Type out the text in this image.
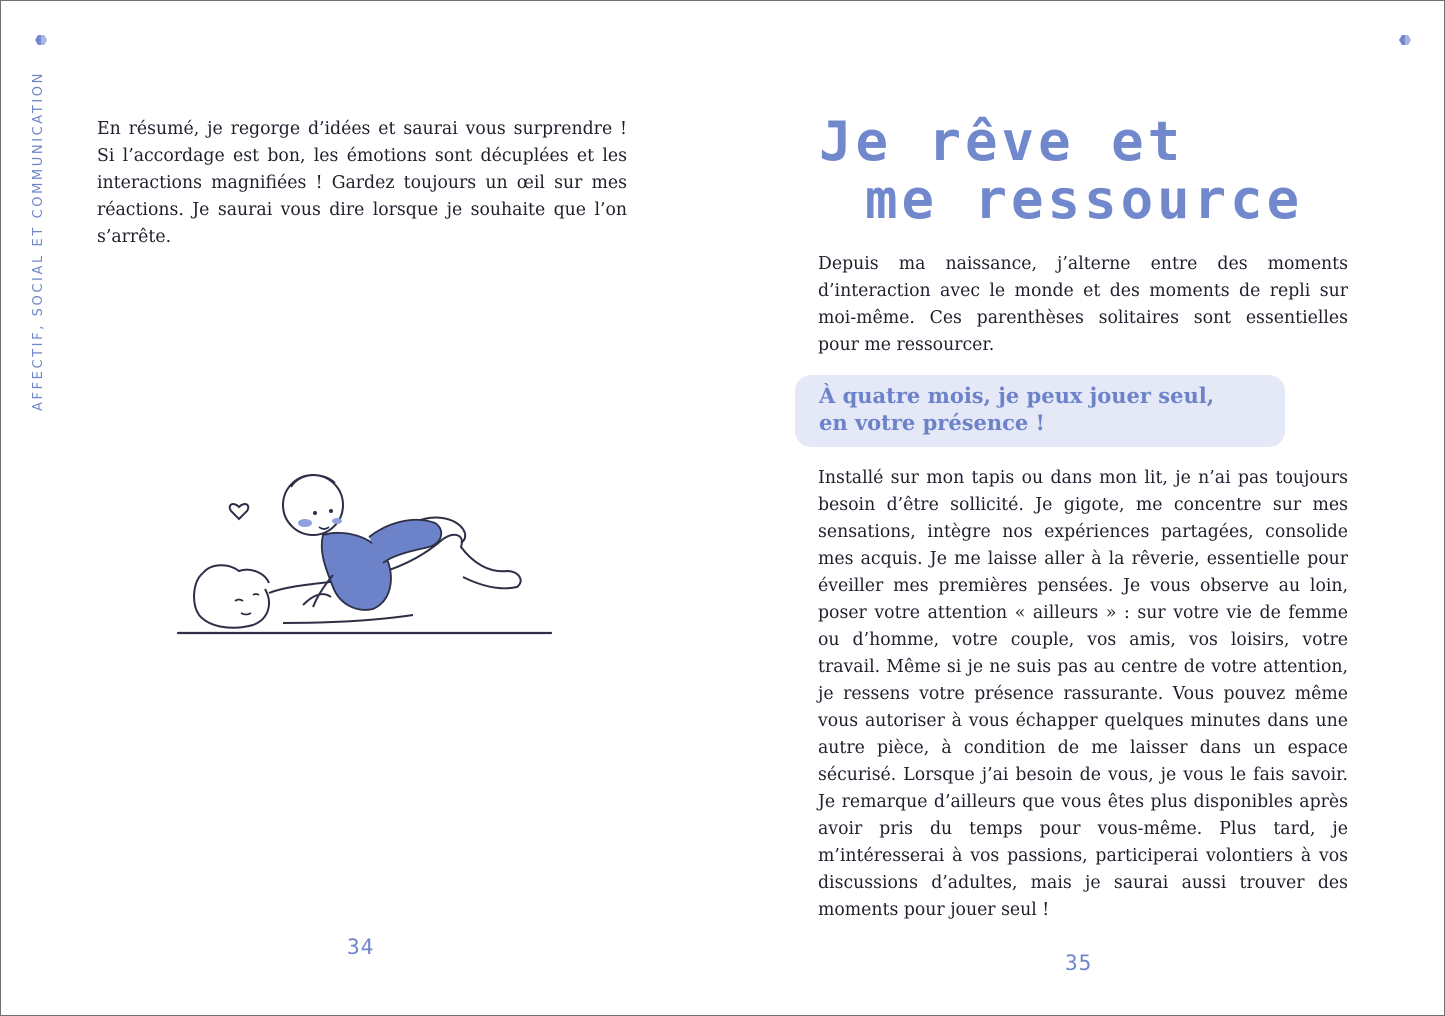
AFFECTIF, SOCIAL ET COMMUNICATION	En résumé, je regorge d’idées et saurai vous surprendre ! Si l’accordage est bon, les émotions sont décuplées et les interactions magnifiées ! Gardez toujours un œil sur mes réactions. Je saurai vous dire lorsque je souhaite que l’on s’arrête.

34
Je rêve et
me ressource

Depuis ma naissance, j’alterne entre des moments d’interaction avec le monde et des moments de repli sur moi-même. Ces parenthèses solitaires sont essentielles pour me ressourcer.

À quatre mois, je peux jouer seul,
en votre présence !

Installé sur mon tapis ou dans mon lit, je n’ai pas toujours besoin d’être sollicité. Je gigote, me concentre sur mes sensations, intègre nos expériences partagées, consolide mes acquis. Je me laisse aller à la rêverie, essentielle pour éveiller mes premières pensées. Je vous observe au loin, poser votre attention « ailleurs » : sur votre vie de femme ou d’homme, votre couple, vos amis, vos loisirs, votre travail. Même si je ne suis pas au centre de votre attention, je ressens votre présence rassurante. Vous pouvez même vous autoriser à vous échapper quelques minutes dans une autre pièce, à condition de me laisser dans un espace sécurisé. Lorsque j’ai besoin de vous, je vous le fais savoir. Je remarque d’ailleurs que vous êtes plus disponibles après avoir pris du temps pour vous-même. Plus tard, je m’intéresserai à vos passions, participerai volontiers à vos discussions d’adultes, mais je saurai aussi trouver des moments pour jouer seul !

35
